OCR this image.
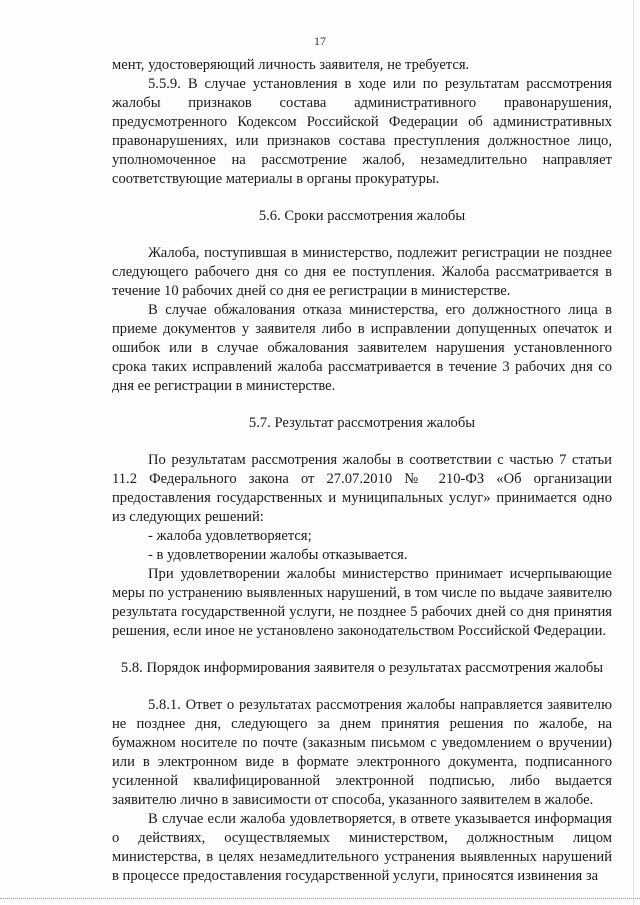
17

мент, удостоверяющий личность заявителя, не требуется.

5.5.9. В случае установления в ходе или по результатам рассмотрения жалобы признаков состава административного правонарушения, предусмотренного Кодексом Российской Федерации об административных правонарушениях, или признаков состава преступления должностное лицо, уполномоченное на рассмотрение жалоб, незамедлительно направляет соответствующие материалы в органы прокуратуры.

5.6. Сроки рассмотрения жалобы

Жалоба, поступившая в министерство, подлежит регистрации не позднее следующего рабочего дня со дня ее поступления. Жалоба рассматривается в течение 10 рабочих дней со дня ее регистрации в министерстве.

В случае обжалования отказа министерства, его должностного лица в приеме документов у заявителя либо в исправлении допущенных опечаток и ошибок или в случае обжалования заявителем нарушения установленного срока таких исправлений жалоба рассматривается в течение 3 рабочих дня со дня ее регистрации в министерстве.

5.7. Результат рассмотрения жалобы

По результатам рассмотрения жалобы в соответствии с частью 7 статьи 11.2 Федерального закона от 27.07.2010 № 210-ФЗ «Об организации предоставления государственных и муниципальных услуг» принимается одно из следующих решений:

- жалоба удовлетворяется;

- в удовлетворении жалобы отказывается.

При удовлетворении жалобы министерство принимает исчерпывающие меры по устранению выявленных нарушений, в том числе по выдаче заявителю результата государственной услуги, не позднее 5 рабочих дней со дня принятия решения, если иное не установлено законодательством Российской Федерации.

5.8. Порядок информирования заявителя о результатах рассмотрения жалобы

5.8.1. Ответ о результатах рассмотрения жалобы направляется заявителю не позднее дня, следующего за днем принятия решения по жалобе, на бумажном носителе по почте (заказным письмом с уведомлением о вручении) или в электронном виде в формате электронного документа, подписанного усиленной квалифицированной электронной подписью, либо выдается заявителю лично в зависимости от способа, указанного заявителем в жалобе.

В случае если жалоба удовлетворяется, в ответе указывается информация о действиях, осуществляемых министерством, должностным лицом министерства, в целях незамедлительного устранения выявленных нарушений в процессе предоставления государственной услуги, приносятся извинения за
